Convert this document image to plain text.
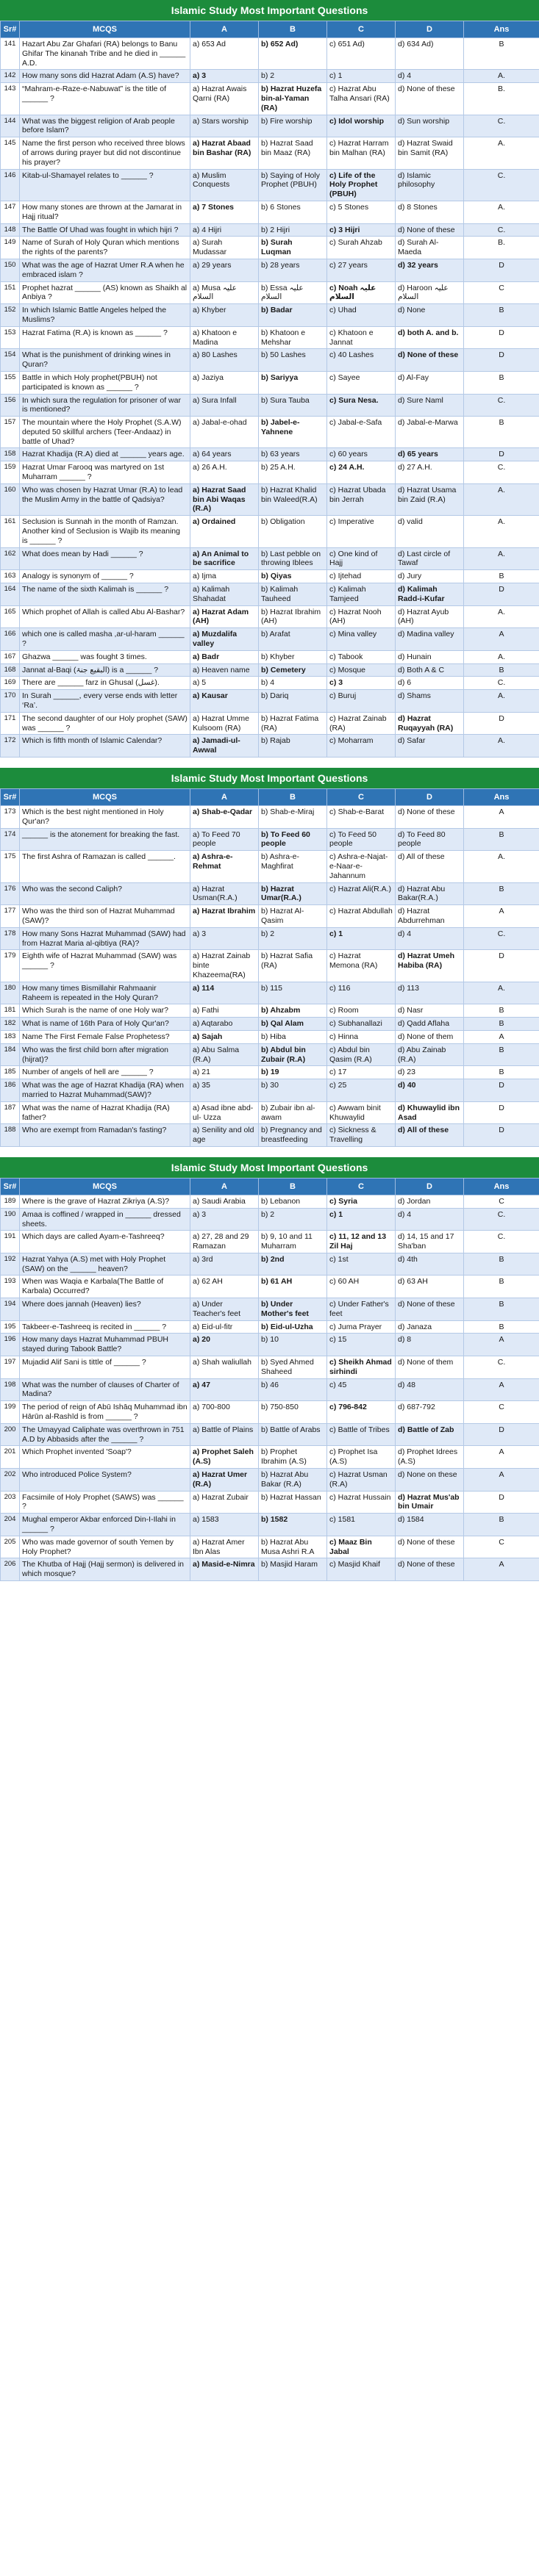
Islamic Study Most Important Questions
Sr#	MCQS	A	B	C	D	Ans
141	Hazart Abu Zar Ghafari (RA) belongs to Banu Ghifar The kinanah Tribe and he died in ______ A.D.	a) 653 Ad	b) 652 Ad)	c) 651 Ad)	d) 634 Ad)	B
142	How many sons did Hazrat Adam (A.S) have?	a) 3	b) 2	c) 1	d) 4	A.
143	“Mahram-e-Raze-e-Nabuwat” is the title of ______ ?	a) Hazrat Awais Qarni (RA)	b) Hazrat Huzefa bin-al-Yaman (RA)	c) Hazrat Abu Talha Ansari (RA)	d) None of these	B.
144	What was the biggest religion of Arab people before Islam?	a) Stars worship	b) Fire worship	c) Idol worship	d) Sun worship	C.
145	Name the first person who received three blows of arrows during prayer but did not discontinue his prayer?	a) Hazrat Abaad bin Bashar (RA)	b) Hazrat Saad bin Maaz (RA)	c) Hazrat Harram bin Malhan (RA)	d) Hazrat Swaid bin Samit (RA)	A.
146	Kitab-ul-Shamayel relates to ______ ?	a) Muslim Conquests	b) Saying of Holy Prophet (PBUH)	c) Life of the Holy Prophet (PBUH)	d) Islamic philosophy	C.
147	How many stones are thrown at the Jamarat in Hajj ritual?	a) 7 Stones	b) 6 Stones	c) 5 Stones	d) 8 Stones	A.
148	The Battle Of Uhad was fought in which hijri ?	a) 4 Hijri	b) 2 Hijri	c) 3 Hijri	d) None of these	C.
149	Name of Surah of Holy Quran which mentions the rights of the parents?	a) Surah Mudassar	b) Surah Luqman	c) Surah Ahzab	d) Surah Al-Maeda	B.
150	What was the age of Hazrat Umer R.A when he embraced islam ?	a) 29 years	b) 28 years	c) 27 years	d) 32 years	D
151	Prophet hazrat ______ (AS) known as Shaikh al Anbiya ?	a) Musa علیہ السلام	b) Essa علیہ السلام	c) Noah علیہ السلام	d) Haroon علیہ السلام	C
152	In which Islamic Battle Angeles helped the Muslims?	a) Khyber	b) Badar	c) Uhad	d) None	B
153	Hazrat Fatima (R.A) is known as ______ ?	a) Khatoon e Madina	b) Khatoon e Mehshar	c) Khatoon e Jannat	d) both A. and b.	D
154	What is the punishment of drinking wines in Quran?	a) 80 Lashes	b) 50 Lashes	c) 40 Lashes	d) None of these	D
155	Battle in which Holy prophet(PBUH) not participated is known as ______ ?	a) Jaziya	b) Sariyya	c) Sayee	d) Al-Fay	B
156	In which sura the regulation for prisoner of war is mentioned?	a) Sura Infall	b) Sura Tauba	c) Sura Nesa.	d) Sure Naml	C.
157	The mountain where the Holy Prophet (S.A.W) deputed 50 skillful archers (Teer-Andaaz) in battle of Uhad?	a) Jabal-e-ohad	b) Jabel-e-Yahnene	c) Jabal-e-Safa	d) Jabal-e-Marwa	B
158	Hazrat Khadija (R.A) died at ______ years age.	a) 64 years	b) 63 years	c) 60 years	d) 65 years	D
159	Hazrat Umar Farooq was martyred on 1st Muharram ______ ?	a) 26 A.H.	b) 25 A.H.	c) 24 A.H.	d) 27 A.H.	C.
160	Who was chosen by Hazrat Umar (R.A) to lead the Muslim Army in the battle of Qadsiya?	a) Hazrat Saad bin Abi Waqas (R.A)	b) Hazrat Khalid bin Waleed(R.A)	c) Hazrat Ubada bin Jerrah	d) Hazrat Usama bin Zaid (R.A)	A.
161	Seclusion is Sunnah in the month of Ramzan. Another kind of Seclusion is Wajib its meaning is ______ ?	a) Ordained	b) Obligation	c) Imperative	d) valid	A.
162	What does mean by Hadi ______ ?	a) An Animal to be sacrifice	b) Last pebble on throwing Iblees	c) One kind of Hajj	d) Last circle of Tawaf	A.
163	Analogy is synonym of ______ ?	a) Ijma	b) Qiyas	c) Ijtehad	d) Jury	B
164	The name of the sixth Kalimah is ______ ?	a) Kalimah Shahadat	b) Kalimah Tauheed	c) Kalimah Tamjeed	d) Kalimah Radd-i-Kufar	D
165	Which prophet of Allah is called Abu Al-Bashar?	a) Hazrat Adam (AH)	b) Hazrat Ibrahim (AH)	c) Hazrat Nooh (AH)	d) Hazrat Ayub (AH)	A.
166	which one is called masha ,ar-ul-haram ______ ?	a) Muzdalifa valley	b) Arafat	c) Mina valley	d) Madina valley	A
167	Ghazwa ______ was fought 3 times.	a) Badr	b) Khyber	c) Tabook	d) Hunain	A.
168	Jannat al-Baqi (البقیع جنۃ) is a ______ ?	a) Heaven name	b) Cemetery	c) Mosque	d) Both A & C	B
169	There are ______ farz in Ghusal (غسل).	a) 5	b) 4	c) 3	d) 6	C.
170	In Surah ______, every verse ends with letter ‘Ra’.	a) Kausar	b) Dariq	c) Buruj	d) Shams	A.
171	The second daughter of our Holy prophet (SAW) was ______ ?	a) Hazrat Umme Kulsoom (RA)	b) Hazrat Fatima (RA)	c) Hazrat Zainab (RA)	d) Hazrat Ruqayyah (RA)	D
172	Which is fifth month of Islamic Calendar?	a) Jamadi-ul-Awwal	b) Rajab	c) Moharram	d) Safar	A.
Islamic Study Most Important Questions
Sr#	MCQS	A	B	C	D	Ans
173	Which is the best night mentioned in Holy Qur'an?	a) Shab-e-Qadar	b) Shab-e-Miraj	c) Shab-e-Barat	d) None of these	A
174	______ is the atonement for breaking the fast.	a) To Feed 70 people	b) To Feed 60 people	c) To Feed 50 people	d) To Feed 80 people	B
175	The first Ashra of Ramazan is called ______.	a) Ashra-e-Rehmat	b) Ashra-e-Maghfirat	c) Ashra-e-Najat-e-Naar-e-Jahannum	d) All of these	A.
176	Who was the second Caliph?	a) Hazrat Usman(R.A.)	b) Hazrat Umar(R.A.)	c) Hazrat Ali(R.A.)	d) Hazrat Abu Bakar(R.A.)	B
177	Who was the third son of Hazrat Muhammad (SAW)?	a) Hazrat Ibrahim	b) Hazrat Al-Qasim	c) Hazrat Abdullah	d) Hazrat Abdurrehman	A
178	How many Sons Hazrat Muhammad (SAW) had from Hazrat Maria al-qibtiya (RA)?	a) 3	b) 2	c) 1	d) 4	C.
179	Eighth wife of Hazrat Muhammad (SAW) was ______ ?	a) Hazrat Zainab binte Khazeema(RA)	b) Hazrat Safia (RA)	c) Hazrat Memona (RA)	d) Hazrat Umeh Habiba (RA)	D
180	How many times Bismillahir Rahmaanir Raheem is repeated in the Holy Quran?	a) 114	b) 115	c) 116	d) 113	A.
181	Which Surah is the name of one Holy war?	a) Fathi	b) Ahzabm	c) Room	d) Nasr	B
182	What is name of 16th Para of Holy Qur'an?	a) Aqtarabo	b) Qal Alam	c) Subhanallazi	d) Qadd Aflaha	B
183	Name The First Female False Prophetess?	a) Sajah	b) Hiba	c) Hinna	d) None of them	A
184	Who was the first child born after migration (hijrat)?	a) Abu Salma (R.A)	b) Abdul bin Zubair (R.A)	c) Abdul bin Qasim (R.A)	d) Abu Zainab (R.A)	B
185	Number of angels of hell are ______ ?	a) 21	b) 19	c) 17	d) 23	B
186	What was the age of Hazrat Khadija (RA) when married to Hazrat Muhammad(SAW)?	a) 35	b) 30	c) 25	d) 40	D
187	What was the name of Hazrat Khadija (RA) father?	a) Asad ibne abd-ul- Uzza	b) Zubair ibn al-awam	c) Awwam binit Khuwaylid	d) Khuwaylid ibn Asad	D
188	Who are exempt from Ramadan's fasting?	a) Senility and old age	b) Pregnancy and breastfeeding	c) Sickness & Travelling	d) All of these	D
Islamic Study Most Important Questions
Sr#	MCQS	A	B	C	D	Ans
189	Where is the grave of Hazrat Zikriya (A.S)?	a) Saudi Arabia	b) Lebanon	c) Syria	d) Jordan	C
190	Amaa is coffined / wrapped in ______ dressed sheets.	a) 3	b) 2	c) 1	d) 4	C.
191	Which days are called Ayam-e-Tashreeq?	a) 27, 28 and 29 Ramazan	b) 9, 10 and 11 Muharram	c) 11, 12 and 13 Zil Haj	d) 14, 15 and 17 Sha'ban	C.
192	Hazrat Yahya (A.S) met with Holy Prophet (SAW) on the ______ heaven?	a) 3rd	b) 2nd	c) 1st	d) 4th	B
193	When was Waqia e Karbala(The Battle of Karbala) Occurred?	a) 62 AH	b) 61 AH	c) 60 AH	d) 63 AH	B
194	Where does jannah (Heaven) lies?	a) Under Teacher's feet	b) Under Mother's feet	c) Under Father's feet	d) None of these	B
195	Takbeer-e-Tashreeq is recited in ______ ?	a) Eid-ul-fitr	b) Eid-ul-Uzha	c) Juma Prayer	d) Janaza	B
196	How many days Hazrat Muhammad PBUH stayed during Tabook Battle?	a) 20	b) 10	c) 15	d) 8	A
197	Mujadid Alif Sani is tittle of ______ ?	a) Shah waliullah	b) Syed Ahmed Shaheed	c) Sheikh Ahmad sirhindi	d) None of them	C.
198	What was the number of clauses of Charter of Madina?	a) 47	b) 46	c) 45	d) 48	A
199	The period of reign of Abū Ishāq Muhammad ibn Hārūn al-Rashīd is from ______ ?	a) 700-800	b) 750-850	c) 796-842	d) 687-792	C
200	The Umayyad Caliphate was overthrown in 751 A.D by Abbasids after the ______ ?	a) Battle of Plains	b) Battle of Arabs	c) Battle of Tribes	d) Battle of Zab	D
201	Which Prophet invented 'Soap'?	a) Prophet Saleh (A.S)	b) Prophet Ibrahim (A.S)	c) Prophet Isa (A.S)	d) Prophet Idrees (A.S)	A
202	Who introduced Police System?	a) Hazrat Umer (R.A)	b) Hazrat Abu Bakar (R.A)	c) Hazrat Usman (R.A)	d) None on these	A
203	Facsimile of Holy Prophet (SAWS) was ______ ?	a) Hazrat Zubair	b) Hazrat Hassan	c) Hazrat Hussain	d) Hazrat Mus'ab bin Umair	D
204	Mughal emperor Akbar enforced Din-I-Ilahi in ______ ?	a) 1583	b) 1582	c) 1581	d) 1584	B
205	Who was made governor of south Yemen by Holy Prophet?	a) Hazrat Amer Ibn Alas	b) Hazrat Abu Musa Ashri R.A	c) Maaz Bin Jabal	d) None of these	C
206	The Khutba of Hajj (Hajj sermon) is delivered in which mosque?	a) Masid-e-Nimra	b) Masjid Haram	c) Masjid Khaif	d) None of these	A
